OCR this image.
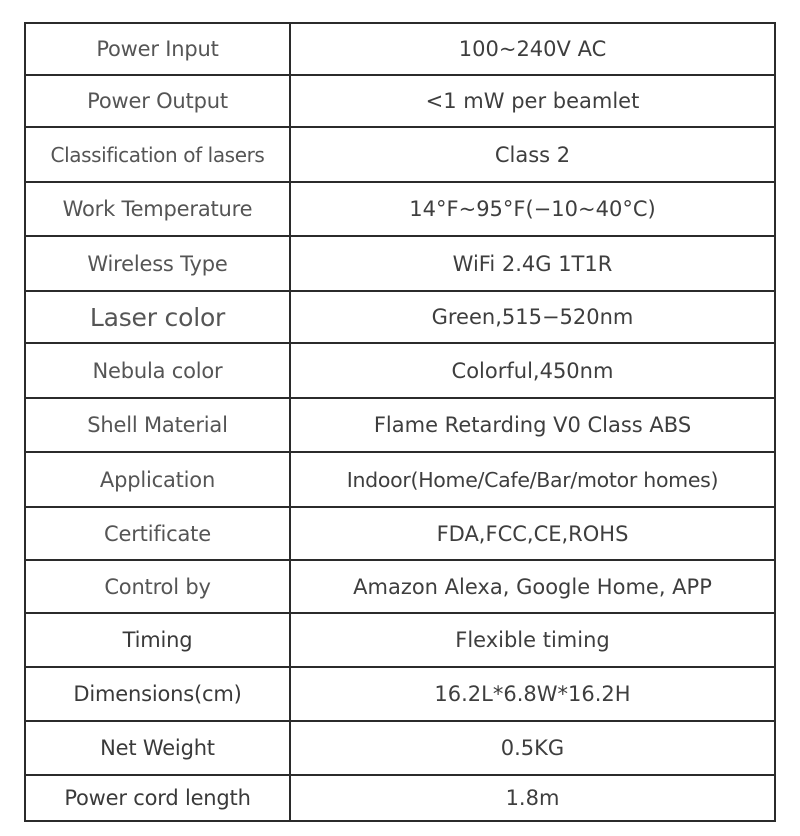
Power Input	100~240V AC
Power Output	<1 mW per beamlet
Classification of lasers	Class 2
Work Temperature	14°F~95°F(−10~40°C)
Wireless Type	WiFi 2.4G 1T1R
Laser color	Green,515−520nm
Nebula color	Colorful,450nm
Shell Material	Flame Retarding V0 Class ABS
Application	Indoor(Home/Cafe/Bar/motor homes)
Certificate	FDA,FCC,CE,ROHS
Control by	Amazon Alexa, Google Home, APP
Timing	Flexible timing
Dimensions(cm)	16.2L*6.8W*16.2H
Net Weight	0.5KG
Power cord length	1.8m
